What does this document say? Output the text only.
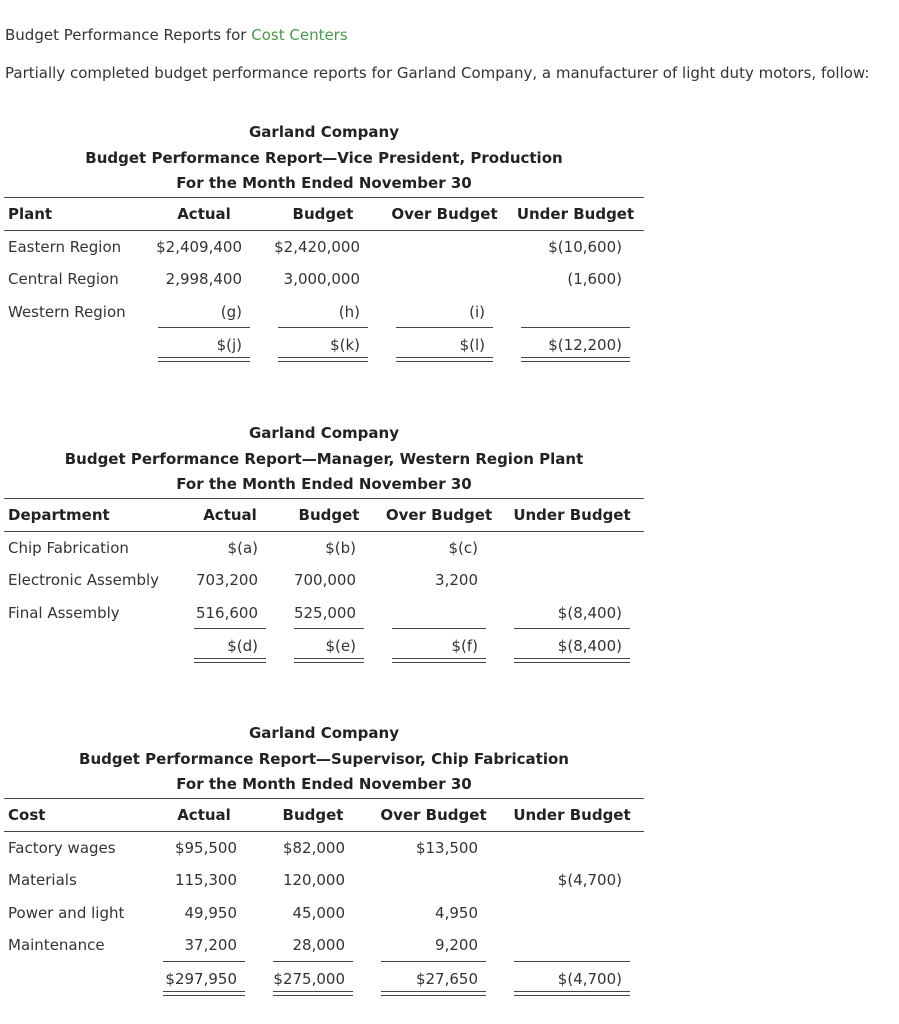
Budget Performance Reports for Cost Centers
Partially completed budget performance reports for Garland Company, a manufacturer of light duty motors, follow:
Garland Company
Budget Performance Report—Vice President, Production
For the Month Ended November 30
Plant	Actual	Budget	Over Budget	Under Budget
Eastern Region	$2,409,400	$2,420,000		$(10,600)

Central Region	2,998,400	3,000,000		(1,600)

Western Region	(g)	(h)	(i)	

	$(j)	$(k)	$(l)	$(12,200)
Garland Company
Budget Performance Report—Manager, Western Region Plant
For the Month Ended November 30
Department	Actual	Budget	Over Budget	Under Budget
Chip Fabrication	$(a)	$(b)	$(c)	

Electronic Assembly	703,200	700,000	3,200	

Final Assembly	516,600	525,000		$(8,400)

	$(d)	$(e)	$(f)	$(8,400)
Garland Company
Budget Performance Report—Supervisor, Chip Fabrication
For the Month Ended November 30
Cost	Actual	Budget	Over Budget	Under Budget
Factory wages	$95,500	$82,000	$13,500	

Materials	115,300	120,000		$(4,700)

Power and light	49,950	45,000	4,950	

Maintenance	37,200	28,000	9,200	

	$297,950	$275,000	$27,650	$(4,700)
